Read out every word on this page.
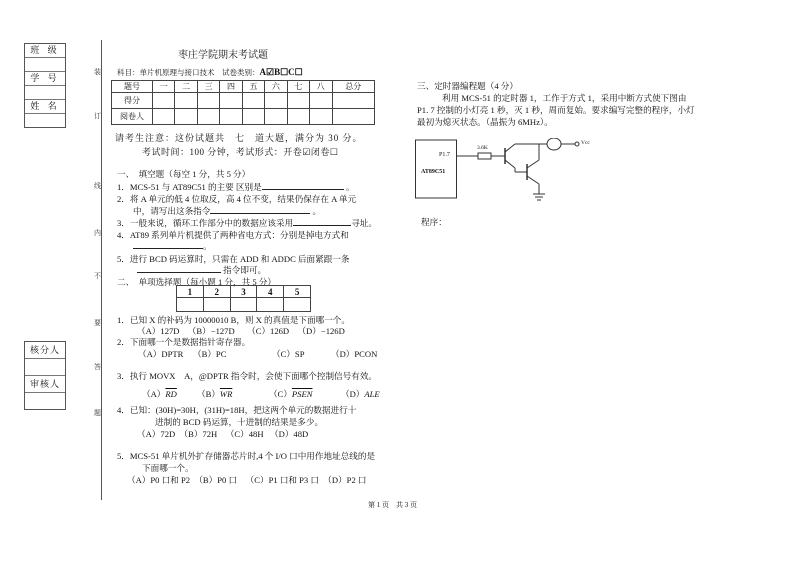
班 级
学 号
姓 名
核分人
审核人
装
订
线
内
不
要
答
题
枣庄学院期末考试题
科目：单片机原理与接口技术　试卷类别：A☑B☐C☐
题号	一	二	三	四	五	六	七	八	总分
得分									
阅卷人									
请考生注意：这份试题共　七　道大题，满分为 30 分。
考试时间：100 分钟，考试形式：开卷☑闭卷☐
一、　填空题（每空 1 分，共 5 分）
1．MCS-51 与 AT89C51 的主要 区别是	。
2．将 A 单元的低 4 位取反，高 4 位不变，结果仍保存在 A 单元
中，请写出这条指令	。
3．一般来说，循环工作部分中的数据应该采用	寻址。
4．AT89 系列单片机提供了两种省电方式：分别是掉电方式和
。
5．进行 BCD 码运算时，只需在 ADD 和 ADDC 后面紧跟一条
指令即可。
二、　单项选择题（每小题 1 分，共 5 分）
1	2	3	4	5

1．已知 X 的补码为 10000010 B，则 X 的真值是下面哪一个。
（A）127D （B）−127D （C）126D （D）−126D
2．下面哪一个是数据指针寄存器。
（A）DPTR （B）PC	（C）SP	（D）PCON
3．执行 MOVX　A，@DPTR 指令时，会使下面哪个控制信号有效。
$(A)\overline{RD}$ $(B)\overline{WR}$	（C）PSEN	（D）ALE
4．已知：(30H)=30H，(31H)=18H，把这两个单元的数据进行十
进制的 BCD 码运算，十进制的结果是多少。
（A）72D （B）72H （C）48H （D）48D
5．MCS-51 单片机外扩存储器芯片时,4 个 I/O 口中用作地址总线的是
下面哪一个。
（A）P0 口和 P2 （B）P0 口 （C）P1 口和 P3 口 （D）P2 口
三、定时器编程题（4 分）
利用 MCS-51 的定时器 1，工作于方式 1，采用中断方式使下图由
P1. 7 控制的小灯亮 1 秒，灭 1 秒，周而复始。要求编写完整的程序，小灯
最初为熄灭状态。（晶振为 6MHz）。
P1.7
AT89C51
3.6K
Vcc
程序：
第 1 页　共 3 页
